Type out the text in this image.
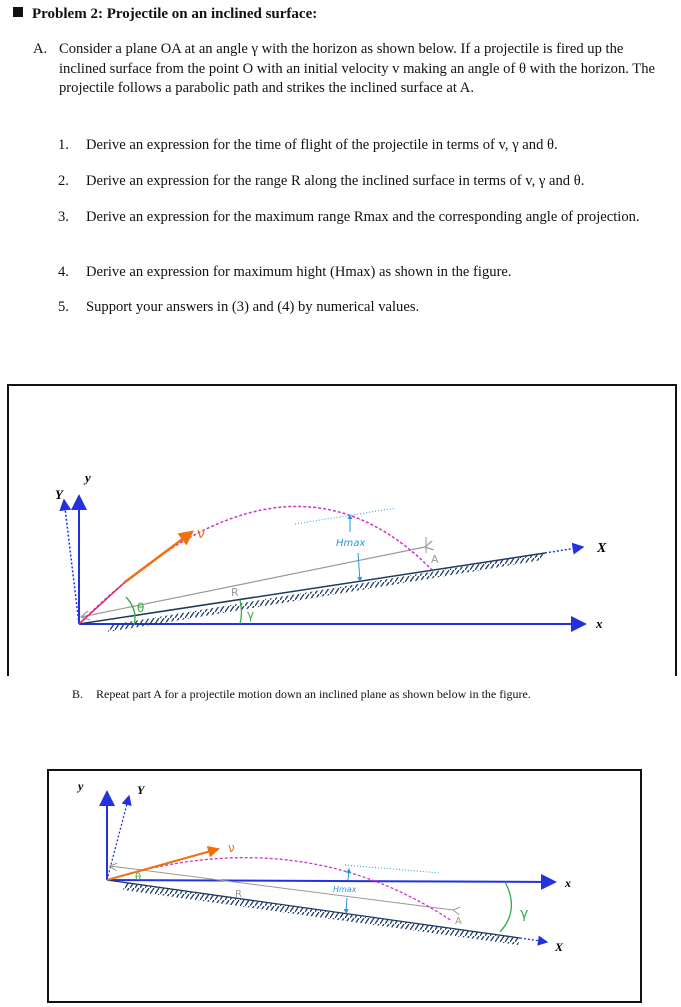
Problem 2: Projectile on an inclined surface:
A. Consider a plane OA at an angle γ with the horizon as shown below. If a projectile is fired up the inclined surface from the point O with an initial velocity v making an angle of θ with the horizon. The projectile follows a parabolic path and strikes the inclined surface at A.
1. Derive an expression for the time of flight of the projectile in terms of v, γ and θ.
2. Derive an expression for the range R along the inclined surface in terms of v, γ and θ.
3. Derive an expression for the maximum range Rmax and the corresponding angle of projection.
4. Derive an expression for maximum hight (Hmax) as shown in the figure.
5. Support your answers in (3) and (4) by numerical values.
B. Repeat part A for a projectile motion down an inclined plane as shown below in the figure.
y
Y
x
X
ν
R
A
θ	γ
Hmax
y	Y
x
X
ν
R
A
θ
γ
Hmax
